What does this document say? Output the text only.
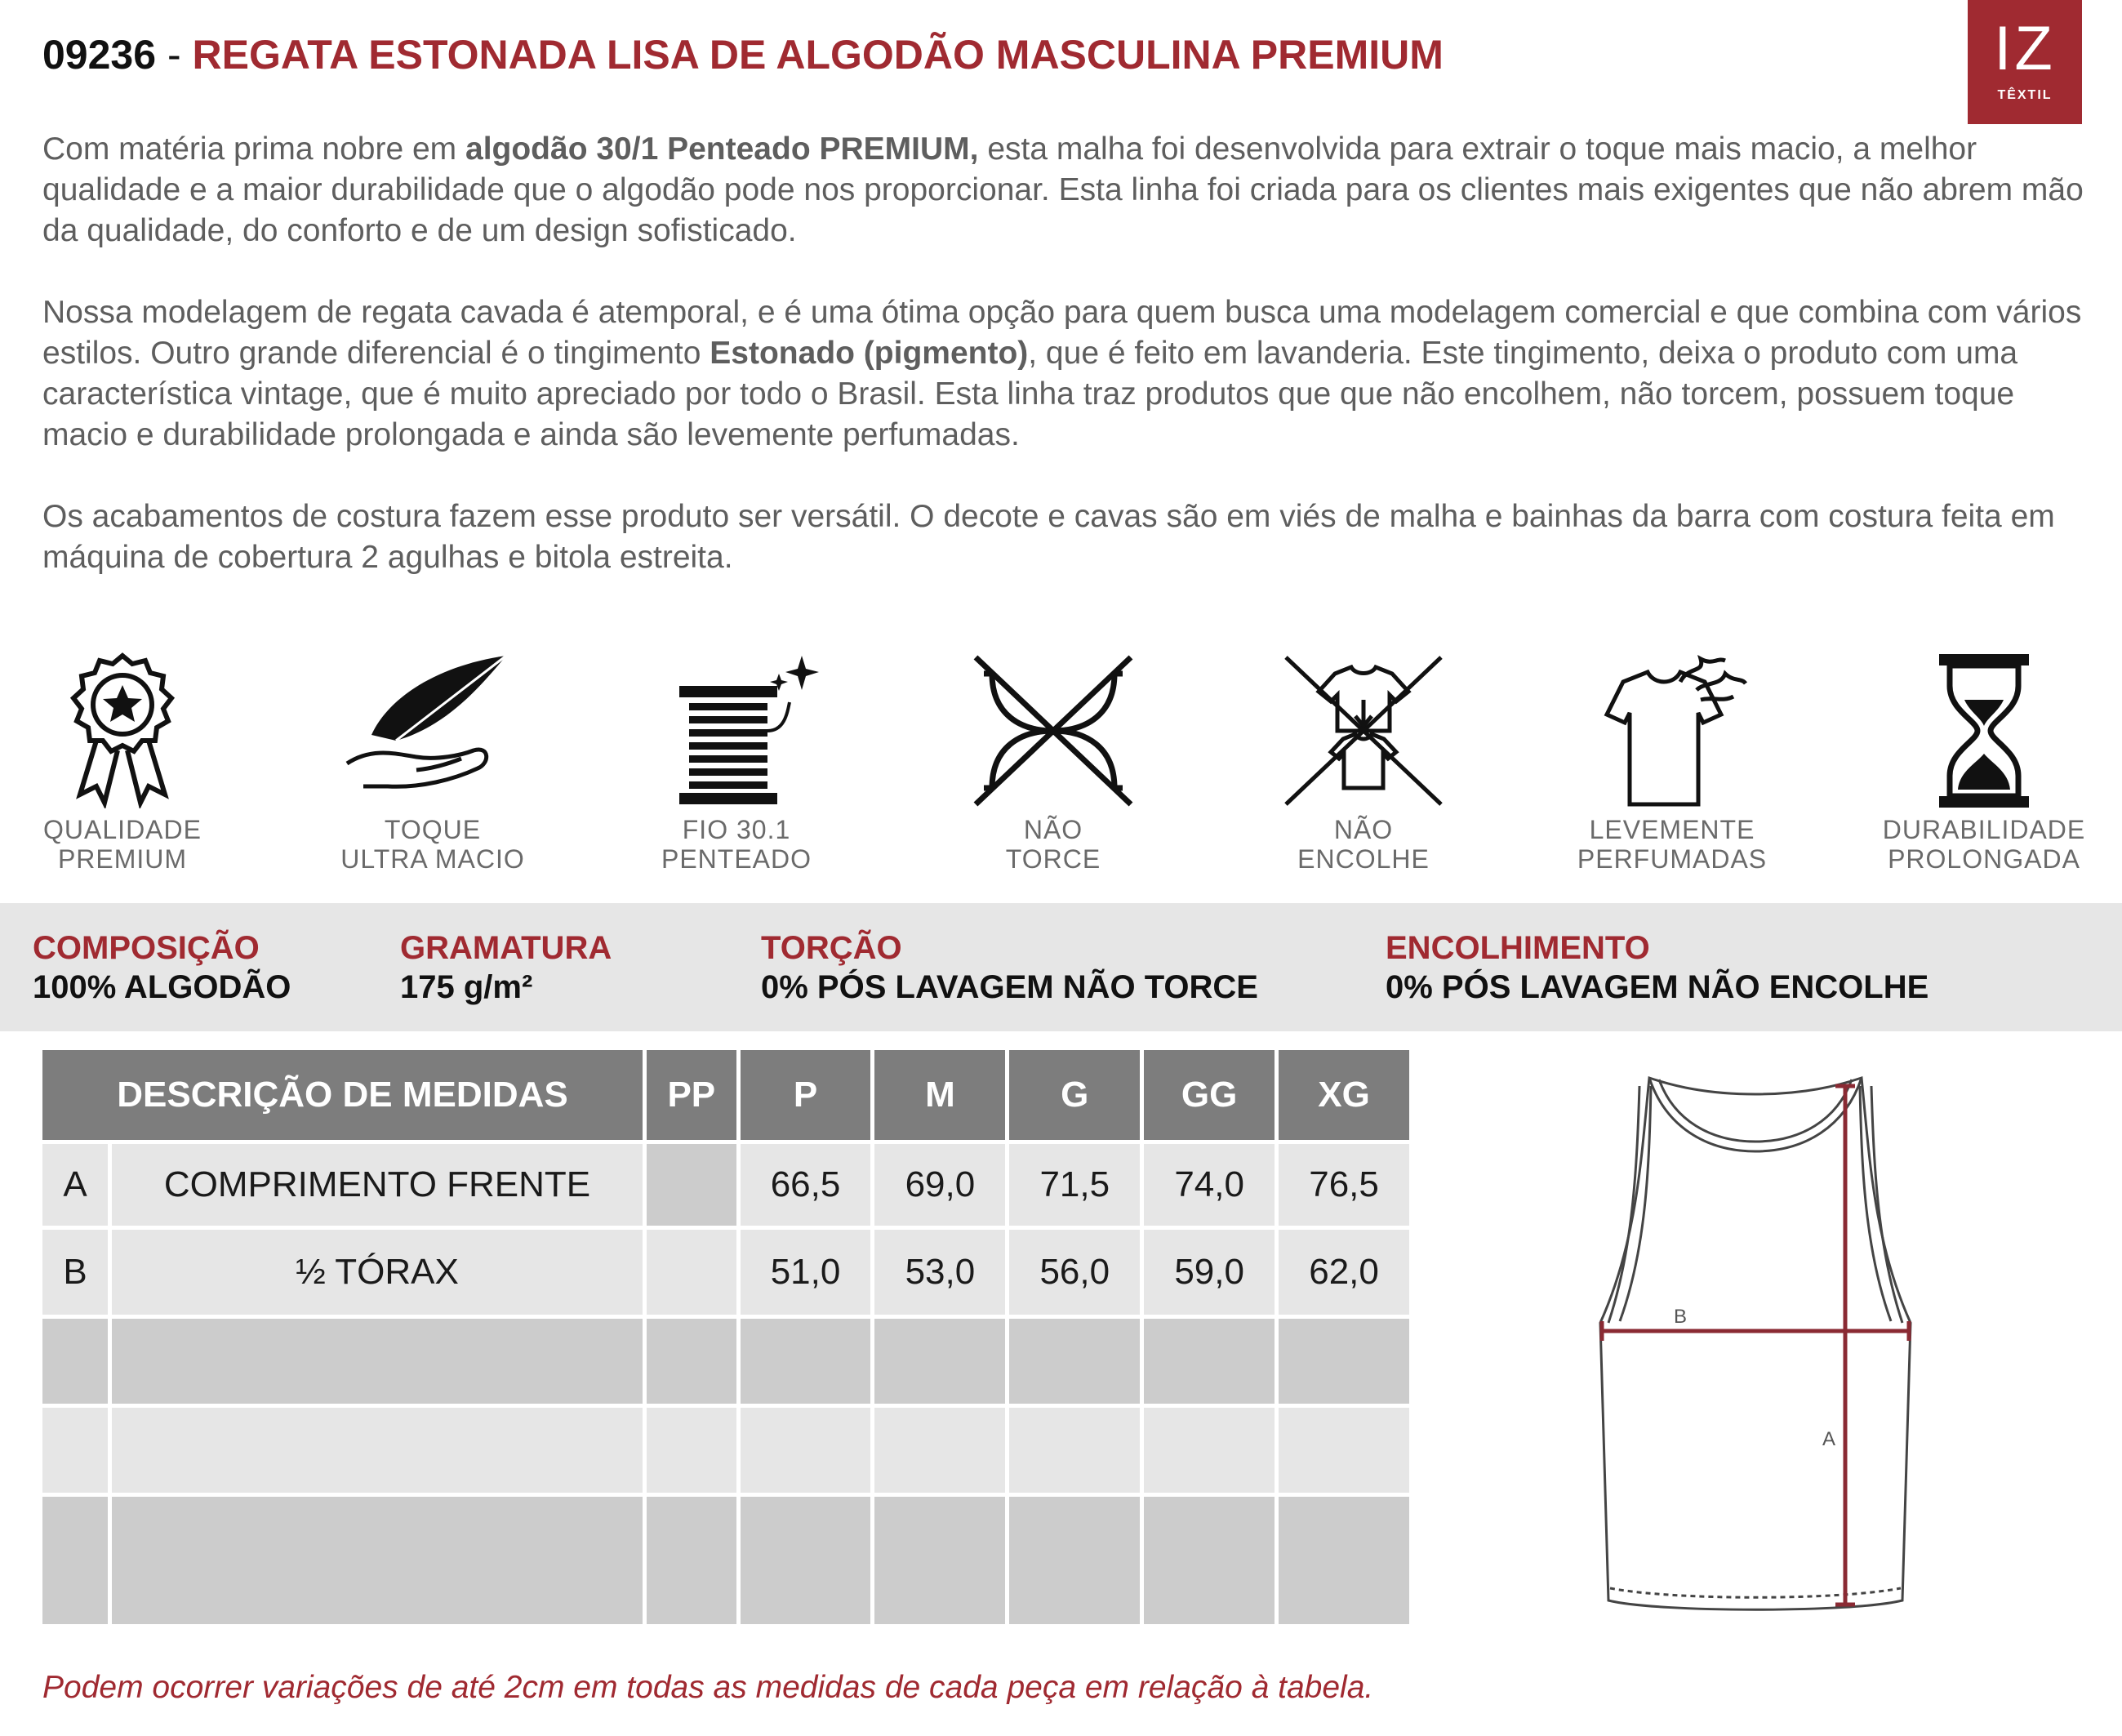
09236 - REGATA ESTONADA LISA DE ALGODÃO MASCULINA PREMIUM	IZ
TÊXTIL

Com matéria prima nobre em algodão 30/1 Penteado PREMIUM, esta malha foi desenvolvida para extrair o toque mais macio, a melhor qualidade e a maior durabilidade que o algodão pode nos proporcionar. Esta linha foi criada para os clientes mais exigentes que não abrem mão da qualidade, do conforto e de um design sofisticado.

Nossa modelagem de regata cavada é atemporal, e é uma ótima opção para quem busca uma modelagem comercial e que combina com vários estilos. Outro grande diferencial é o tingimento Estonado (pigmento), que é feito em lavanderia. Este tingimento, deixa o produto com uma característica vintage, que é muito apreciado por todo o Brasil. Esta linha traz produtos que que não encolhem, não torcem, possuem toque macio e durabilidade prolongada e ainda são levemente perfumadas.

Os acabamentos de costura fazem esse produto ser versátil. O decote e cavas são em viés de malha e bainhas da barra com costura feita em máquina de cobertura 2 agulhas e bitola estreita.

QUALIDADE
PREMIUM
TOQUE
ULTRA MACIO
FIO 30.1
PENTEADO
NÃO
TORCE
NÃO
ENCOLHE
LEVEMENTE
PERFUMADAS
DURABILIDADE
PROLONGADA
COMPOSIÇÃO
100% ALGODÃO
GRAMATURA
175 g/m²
TORÇÃO
0% PÓS LAVAGEM NÃO TORCE
ENCOLHIMENTO
0% PÓS LAVAGEM NÃO ENCOLHE
DESCRIÇÃO DE MEDIDAS		PP	P	M	G	GG	XG
A	COMPRIMENTO FRENTE		66,5	69,0	71,5	74,0	76,5
B	½ TÓRAX		51,0	53,0	56,0	59,0	62,0

B
A
Podem ocorrer variações de até 2cm em todas as medidas de cada peça em relação à tabela.
